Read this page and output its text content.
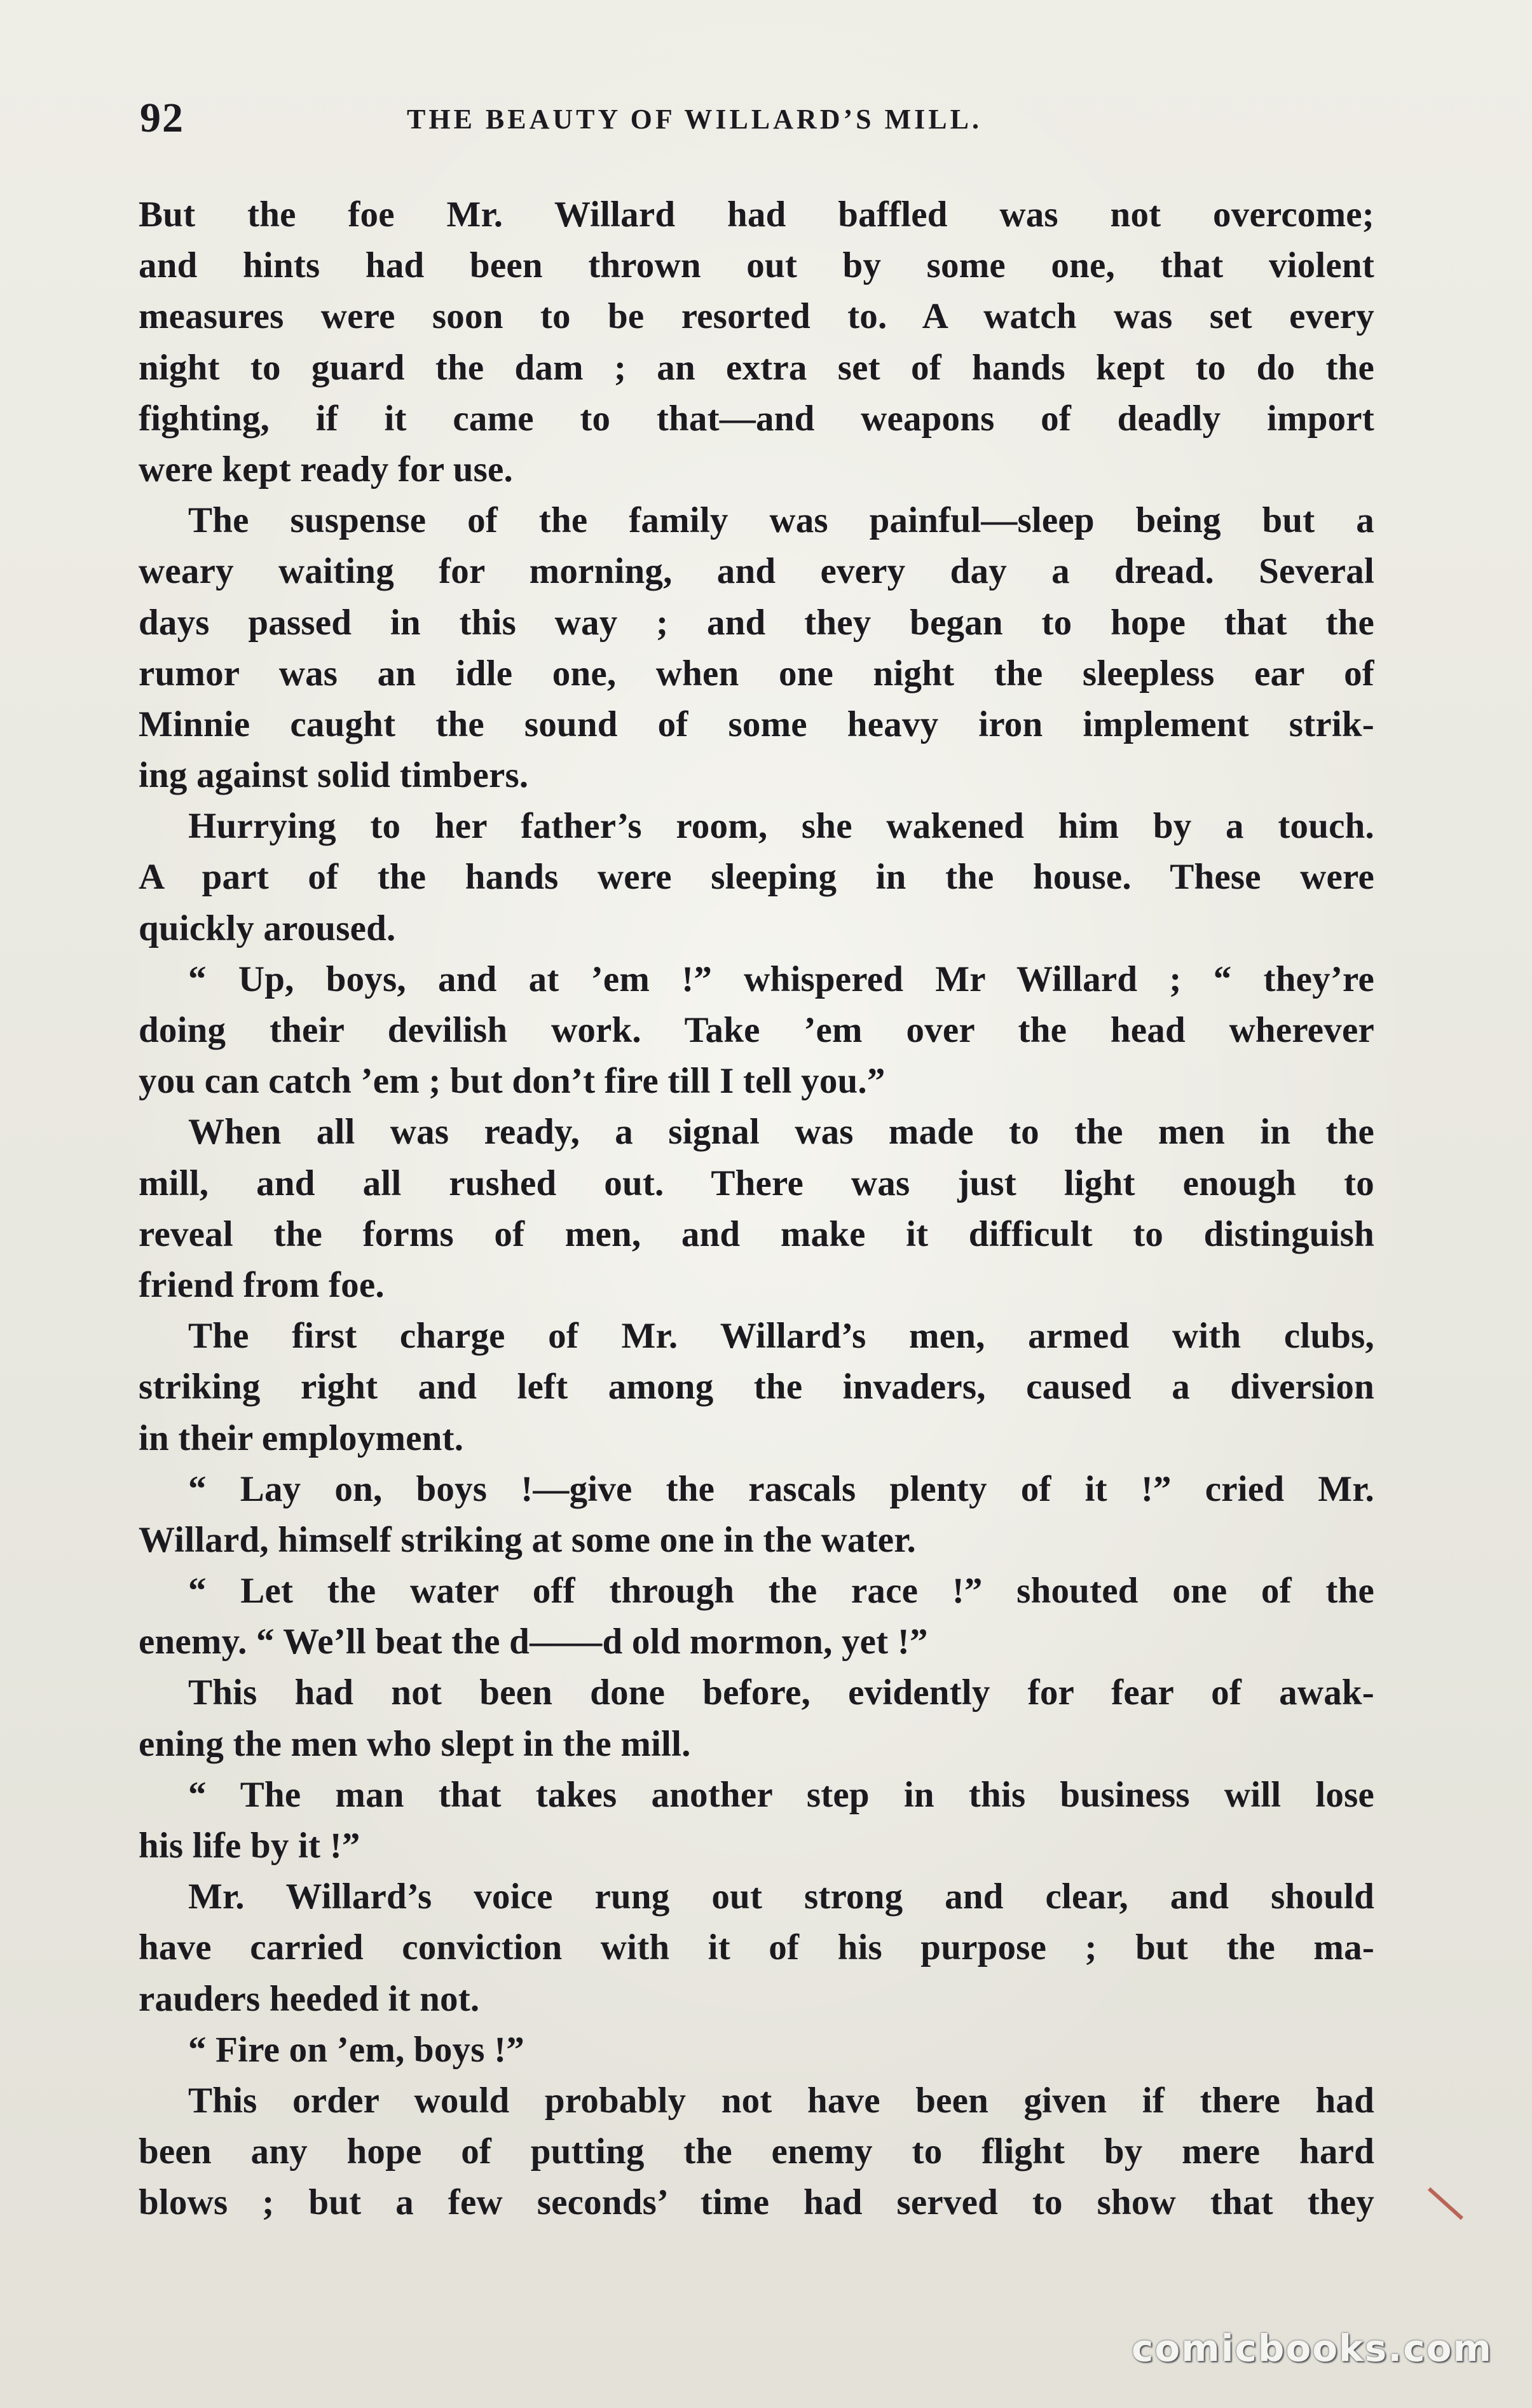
92	THE BEAUTY OF WILLARD’S MILL.
But the foe Mr. Willard had baffled was not overcome;
and hints had been thrown out by some one, that violent
measures were soon to be resorted to. A watch was set every
night to guard the dam ; an extra set of hands kept to do the
fighting, if it came to that—and weapons of deadly import
were kept ready for use.
The suspense of the family was painful—sleep being but a
weary waiting for morning, and every day a dread. Several
days passed in this way ; and they began to hope that the
rumor was an idle one, when one night the sleepless ear of
Minnie caught the sound of some heavy iron implement strik-
ing against solid timbers.
Hurrying to her father’s room, she wakened him by a touch.
A part of the hands were sleeping in the house. These were
quickly aroused.
“ Up, boys, and at ’em !” whispered Mr Willard ; “ they’re
doing their devilish work. Take ’em over the head wherever
you can catch ’em ; but don’t fire till I tell you.”
When all was ready, a signal was made to the men in the
mill, and all rushed out. There was just light enough to
reveal the forms of men, and make it difficult to distinguish
friend from foe.
The first charge of Mr. Willard’s men, armed with clubs,
striking right and left among the invaders, caused a diversion
in their employment.
“ Lay on, boys !—give the rascals plenty of it !” cried Mr.
Willard, himself striking at some one in the water.
“ Let the water off through the race !” shouted one of the
enemy. “ We’ll beat the d——d old mormon, yet !”
This had not been done before, evidently for fear of awak-
ening the men who slept in the mill.
“ The man that takes another step in this business will lose
his life by it !”
Mr. Willard’s voice rung out strong and clear, and should
have carried conviction with it of his purpose ; but the ma-
rauders heeded it not.
“ Fire on ’em, boys !”
This order would probably not have been given if there had
been any hope of putting the enemy to flight by mere hard
blows ; but a few seconds’ time had served to show that they
comicbooks.com
